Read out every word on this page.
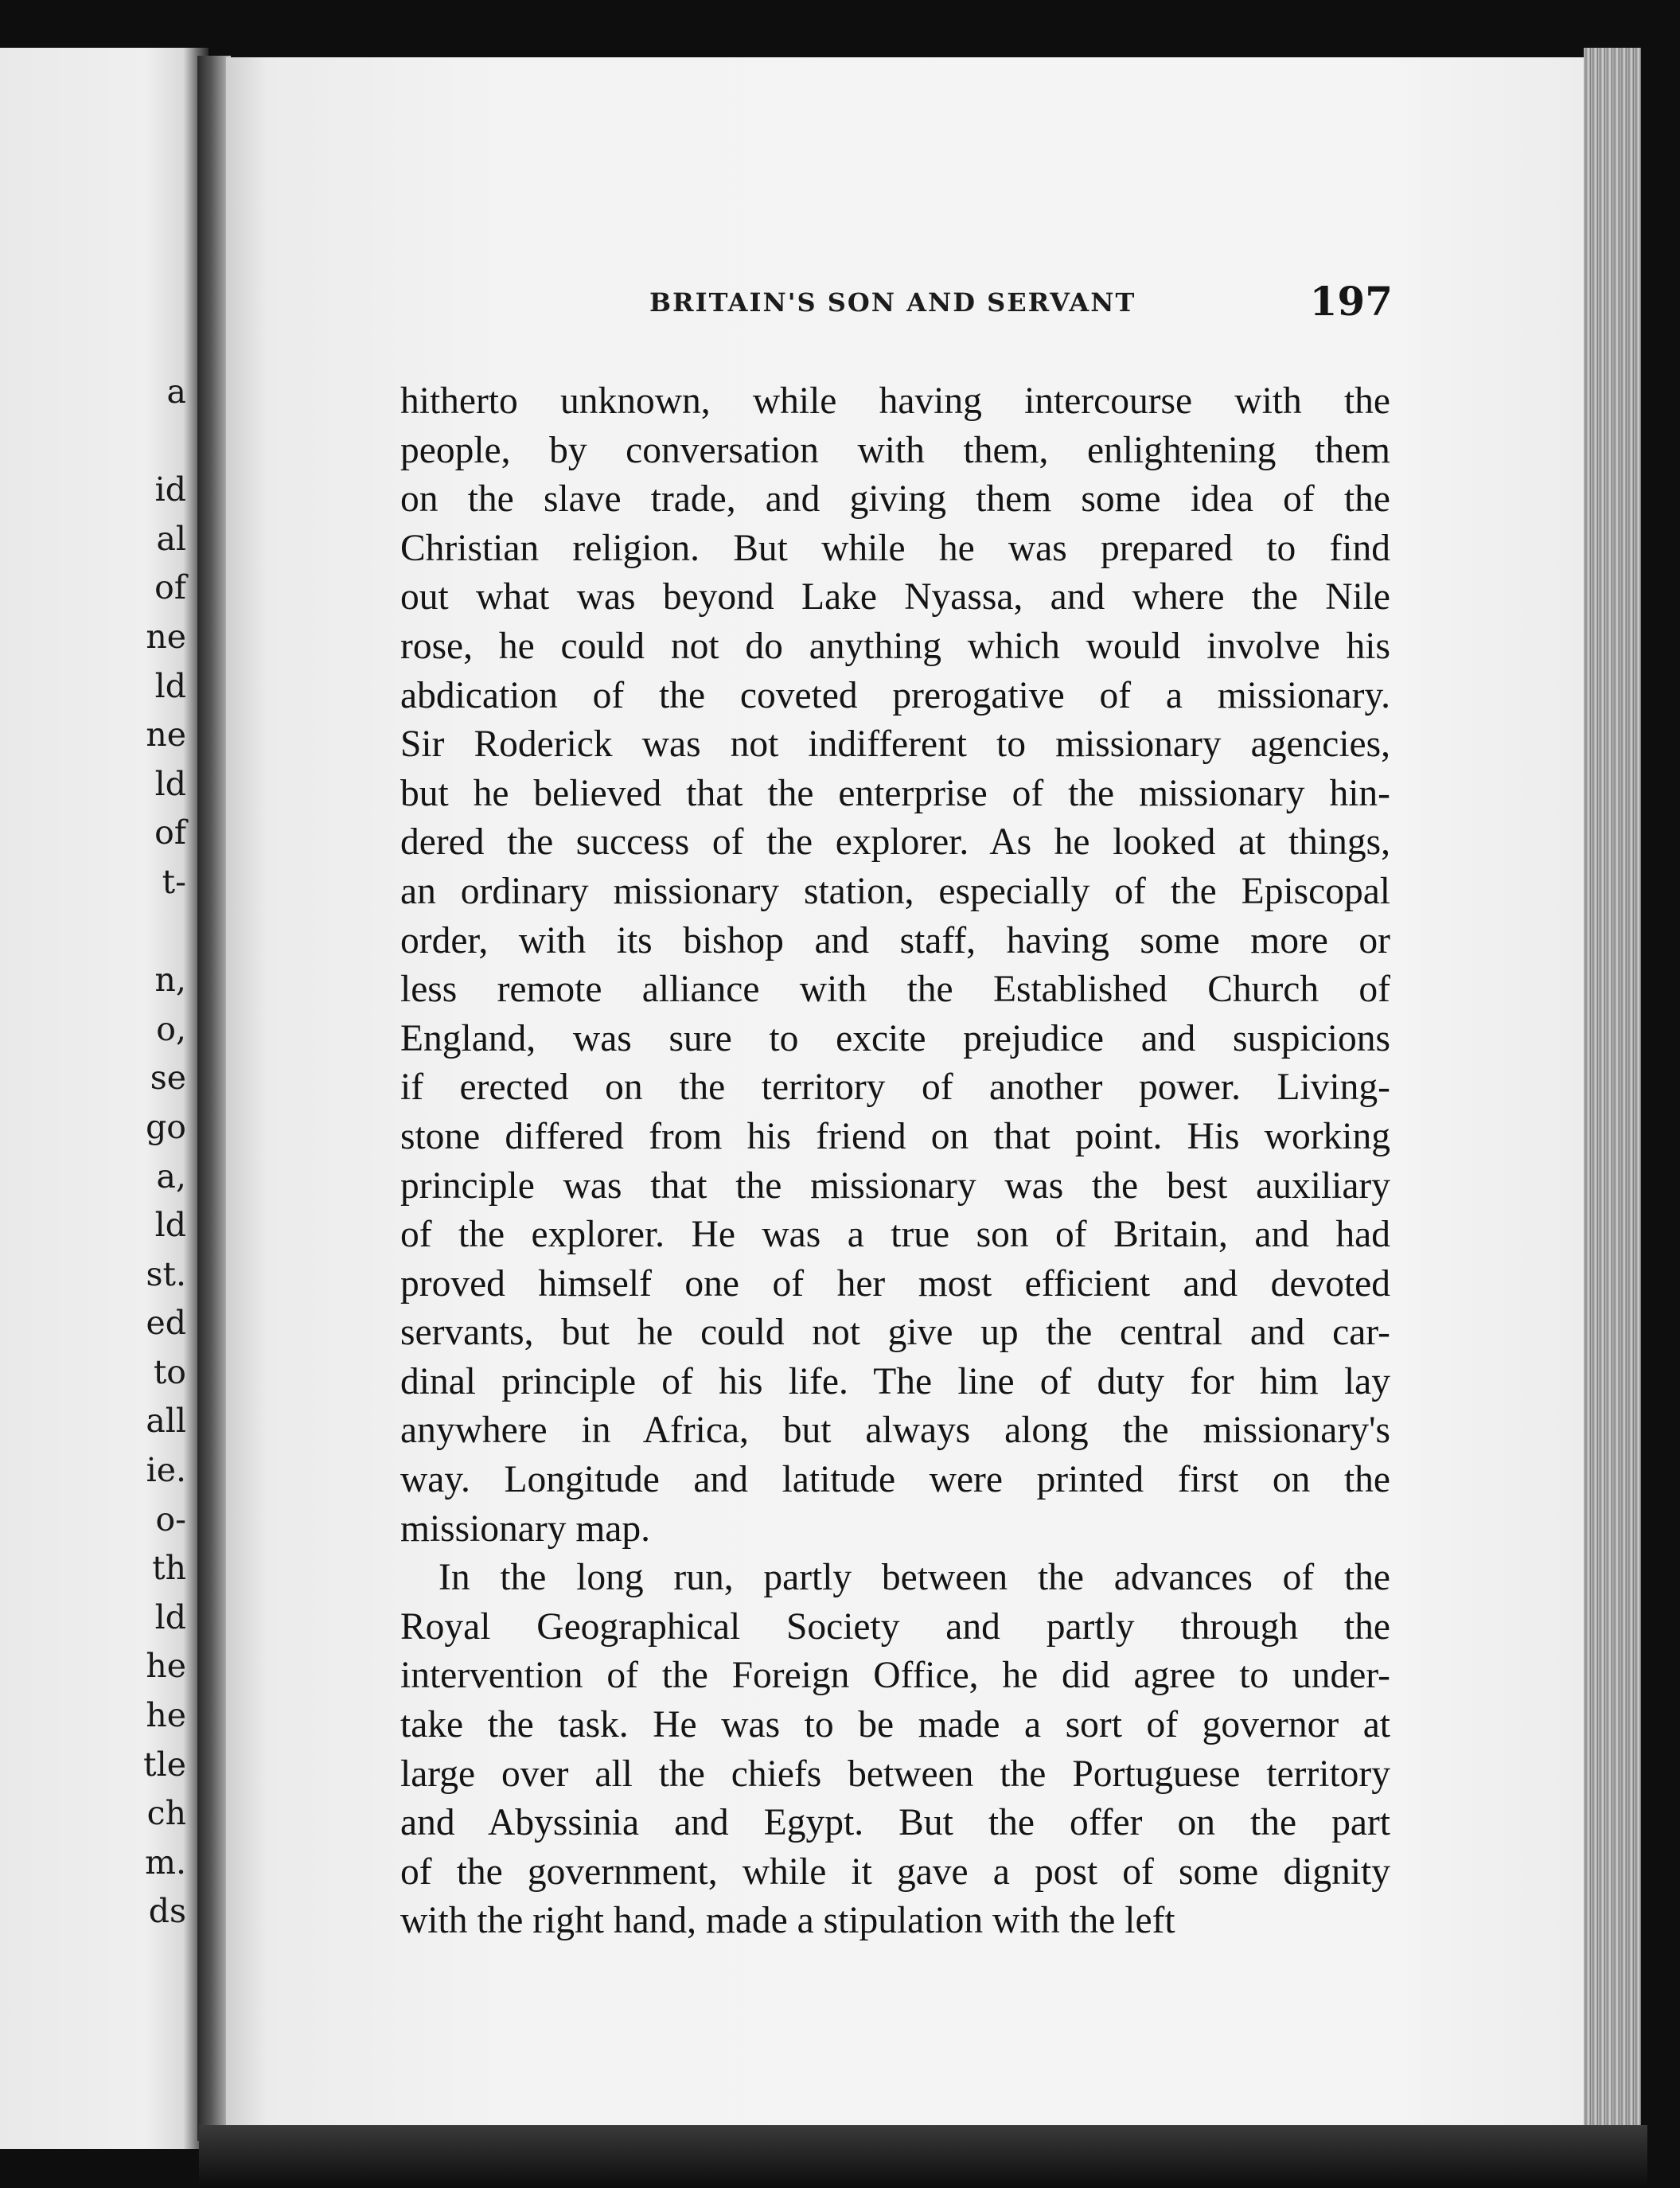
a
id
al
of
ne
ld
ne
ld
of
t-
n,
o,
se
go
a,
ld
st.
ed
to
all
ie.
o-
th
ld
he
he
tle
ch
m.
ds
BRITAIN'S SON AND SERVANT	197
hitherto unknown, while having intercourse with the
people, by conversation with them, enlightening them
on the slave trade, and giving them some idea of the
Christian religion. But while he was prepared to find
out what was beyond Lake Nyassa, and where the Nile
rose, he could not do anything which would involve his
abdication of the coveted prerogative of a missionary.
Sir Roderick was not indifferent to missionary agencies,
but he believed that the enterprise of the missionary hin-
dered the success of the explorer. As he looked at things,
an ordinary missionary station, especially of the Episcopal
order, with its bishop and staff, having some more or
less remote alliance with the Established Church of
England, was sure to excite prejudice and suspicions
if erected on the territory of another power. Living-
stone differed from his friend on that point. His working
principle was that the missionary was the best auxiliary
of the explorer. He was a true son of Britain, and had
proved himself one of her most efficient and devoted
servants, but he could not give up the central and car-
dinal principle of his life. The line of duty for him lay
anywhere in Africa, but always along the missionary's
way. Longitude and latitude were printed first on the
missionary map.
In the long run, partly between the advances of the
Royal Geographical Society and partly through the
intervention of the Foreign Office, he did agree to under-
take the task. He was to be made a sort of governor at
large over all the chiefs between the Portuguese territory
and Abyssinia and Egypt. But the offer on the part
of the government, while it gave a post of some dignity
with the right hand, made a stipulation with the left
